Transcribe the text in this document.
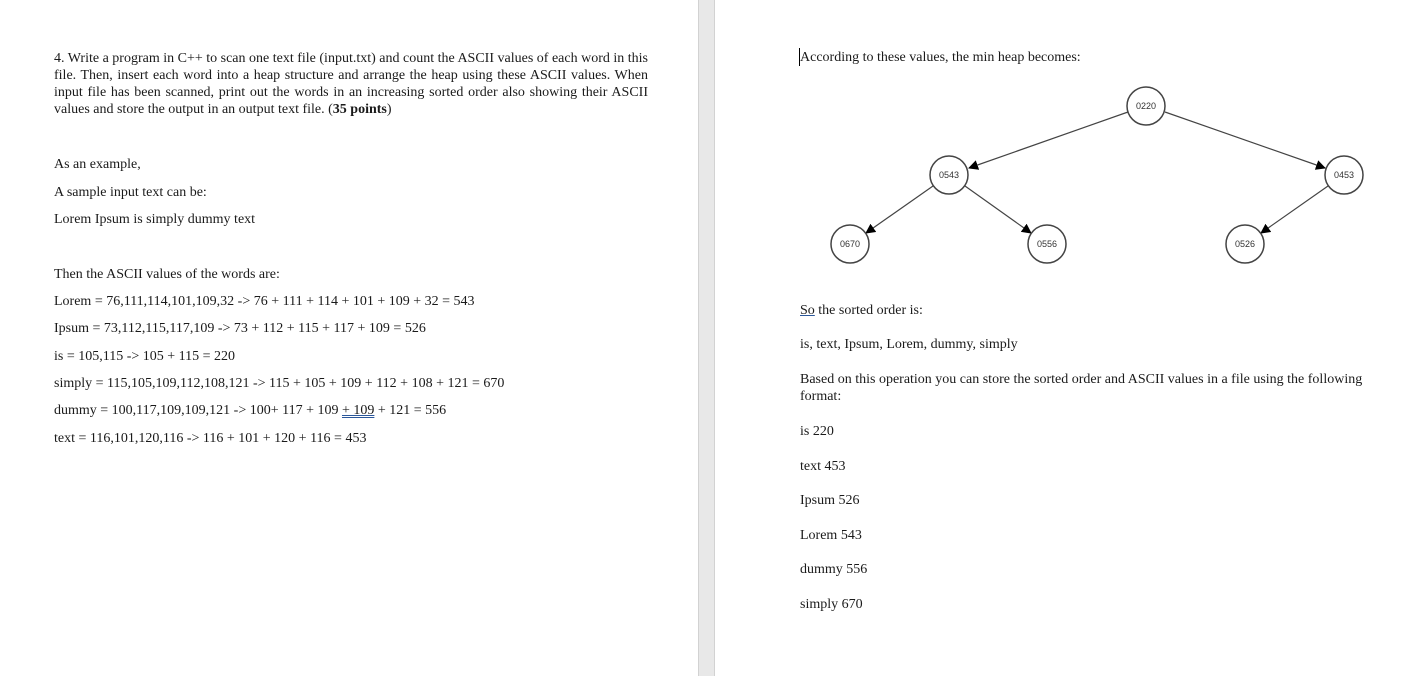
4. Write a program in C++ to scan one text file (input.txt) and count the ASCII values of each word in this file. Then, insert each word into a heap structure and arrange the heap using these ASCII values. When input file has been scanned, print out the words in an increasing sorted order also showing their ASCII values and store the output in an output text file. (35 points)
As an example,
A sample input text can be:
Lorem Ipsum is simply dummy text
Then the ASCII values of the words are:
Lorem = 76,111,114,101,109,32 -> 76 + 111 + 114 + 101 + 109 + 32 = 543
Ipsum = 73,112,115,117,109 -> 73 + 112 + 115 + 117 + 109 = 526
is = 105,115 -> 105 + 115 = 220
simply = 115,105,109,112,108,121 -> 115 + 105 + 109 + 112 + 108 + 121 = 670
dummy = 100,117,109,109,121 -> 100+ 117 + 109 + 109 + 121 = 556
text = 116,101,120,116 -> 116 + 101 + 120 + 116 = 453
According to these values, the min heap becomes:
0220
0543	0453
0670	0556	0526
So the sorted order is:
is, text, Ipsum, Lorem, dummy, simply
Based on this operation you can store the sorted order and ASCII values in a file using the following format:
is 220
text 453
Ipsum 526
Lorem 543
dummy 556
simply 670
